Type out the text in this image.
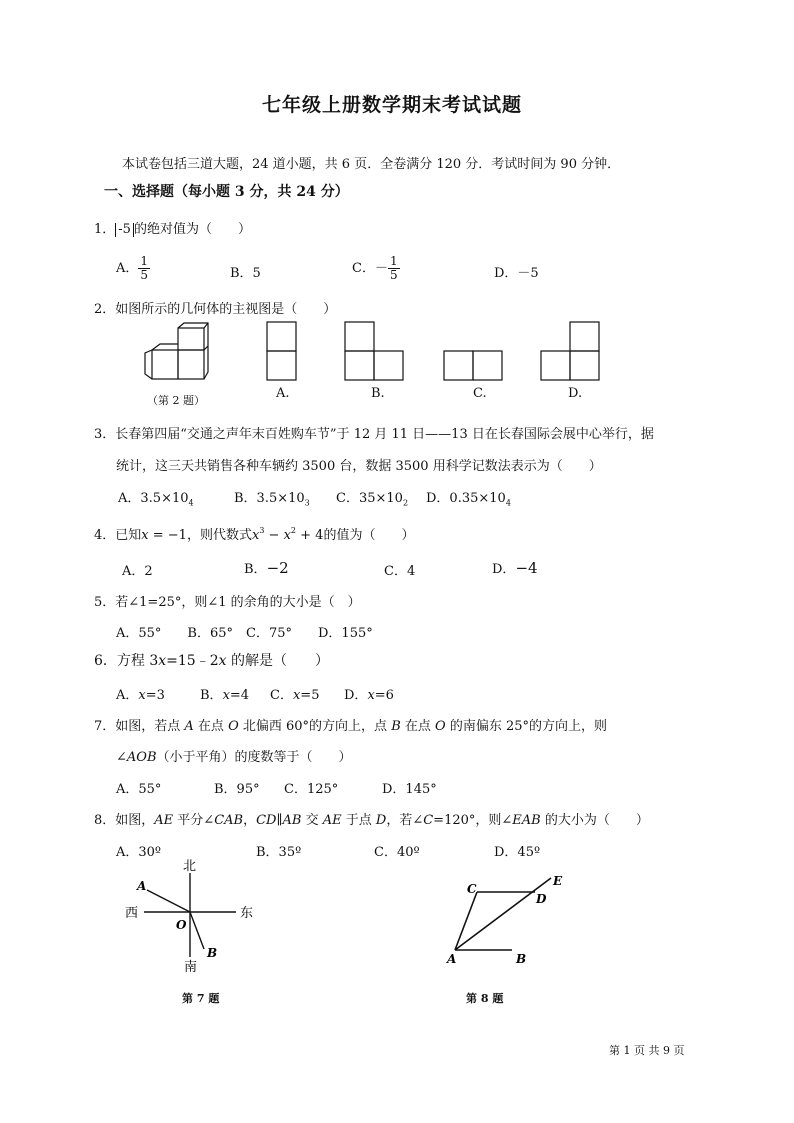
七年级上册数学期末考试试题
本试卷包括三道大题，24 道小题，共 6 页．全卷满分 120 分．考试时间为 90 分钟．
一、选择题（每小题 3 分，共 24 分）
1． -5 的绝对值为（　　）
A． $\frac{1}{5}$	B．5	C．－ $\frac{1}{5}$	D．－5
2．如图所示的几何体的主视图是（　　）
（第 2 题）	A.	B.	C.	D.
3．长春第四届“交通之声年末百姓购车节”于 12 月 11 日——13 日在长春国际会展中心举行，据
统计，这三天共销售各种车辆约 3500 台，数据 3500 用科学记数法表示为（　　）
A．$3.5\times 10_4$	B．$3.5\times 10_3$ C．$35\times 10_2$ D．$0.35\times 10_4$
4．已知x = −1，则代数式$x^3 - x^2 + 4$的值为（　　）
A．2	B．−2	C．4	D．−4
5．若∠1=25°，则∠1 的余角的大小是（　）
A．55°　　B．65°　C．75°　　D．155°
6．方程 3x=15﹣2x 的解是（　　）
A．x=3	B．x=4 C．x=5 D．x=6
7．如图，若点 A 在点 O 北偏西 60°的方向上，点 B 在点 O 的南偏东 25°的方向上，则
∠AOB（小于平角）的度数等于（　　）
A．55°	B．95° C．125°	D．145°
8．如图，AE 平分∠CAB，CD∥AB 交 AE 于点 D，若∠C=120°，则∠EAB 的大小为（　　）
A．30º	B．35º	C．40º	D．45º
北
南
西	东
A
B
O
第 7 题
A	B
C
D
E
第 8 题
第 1 页 共 9 页
